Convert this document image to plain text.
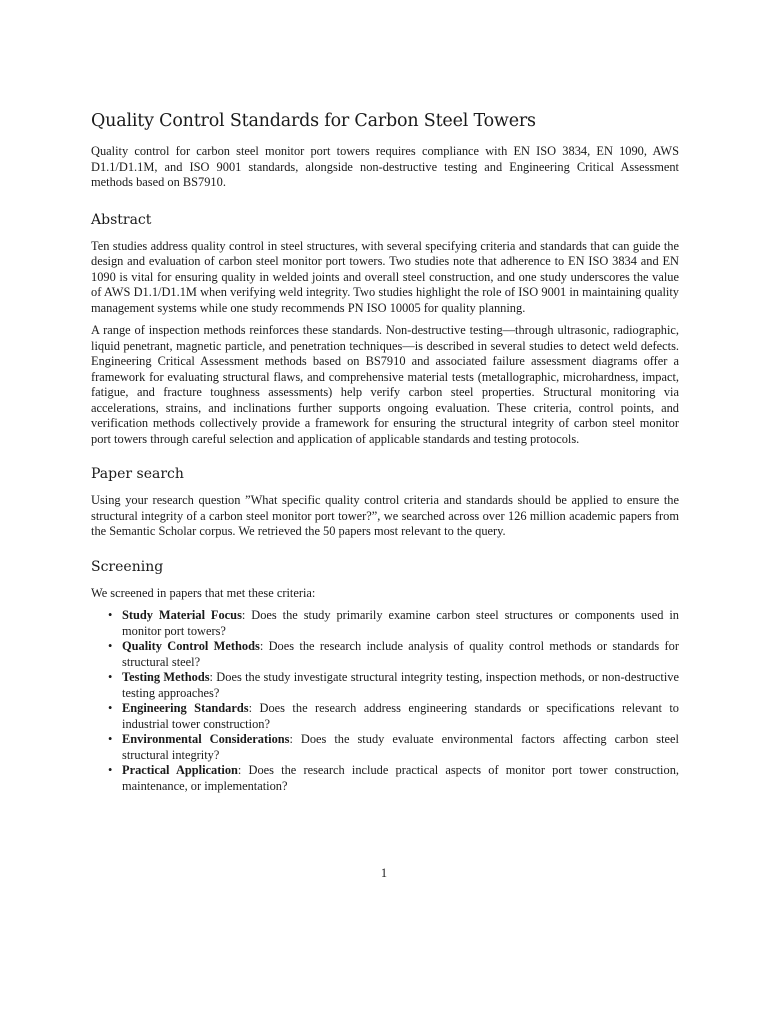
Quality Control Standards for Carbon Steel Towers

Quality control for carbon steel monitor port towers requires compliance with EN ISO 3834, EN 1090, AWS D1.1/D1.1M, and ISO 9001 standards, alongside non-destructive testing and Engineering Critical Assessment methods based on BS7910.

Abstract

Ten studies address quality control in steel structures, with several specifying criteria and standards that can guide the design and evaluation of carbon steel monitor port towers. Two studies note that adherence to EN ISO 3834 and EN 1090 is vital for ensuring quality in welded joints and overall steel construction, and one study underscores the value of AWS D1.1/D1.1M when verifying weld integrity. Two studies highlight the role of ISO 9001 in maintaining quality management systems while one study recommends PN ISO 10005 for quality planning.

A range of inspection methods reinforces these standards. Non-destructive testing—through ultrasonic, radiographic, liquid penetrant, magnetic particle, and penetration techniques—is described in several studies to detect weld defects. Engineering Critical Assessment methods based on BS7910 and associated failure assessment diagrams offer a framework for evaluating structural flaws, and comprehensive material tests (metallographic, microhardness, impact, fatigue, and fracture toughness assessments) help verify carbon steel properties. Structural monitoring via accelerations, strains, and inclinations further supports ongoing evaluation. These criteria, control points, and verification methods collectively provide a framework for ensuring the structural integrity of carbon steel monitor port towers through careful selection and application of applicable standards and testing protocols.

Paper search

Using your research question ”What specific quality control criteria and standards should be applied to ensure the structural integrity of a carbon steel monitor port tower?”, we searched across over 126 million academic papers from the Semantic Scholar corpus. We retrieved the 50 papers most relevant to the query.

Screening

We screened in papers that met these criteria:

• Study Material Focus: Does the study primarily examine carbon steel structures or components used in monitor port towers?
• Quality Control Methods: Does the research include analysis of quality control methods or standards for structural steel?
• Testing Methods: Does the study investigate structural integrity testing, inspection methods, or non-destructive testing approaches?
• Engineering Standards: Does the research address engineering standards or specifications relevant to industrial tower construction?
• Environmental Considerations: Does the study evaluate environmental factors affecting carbon steel structural integrity?
• Practical Application: Does the research include practical aspects of monitor port tower construction, maintenance, or implementation?
1
